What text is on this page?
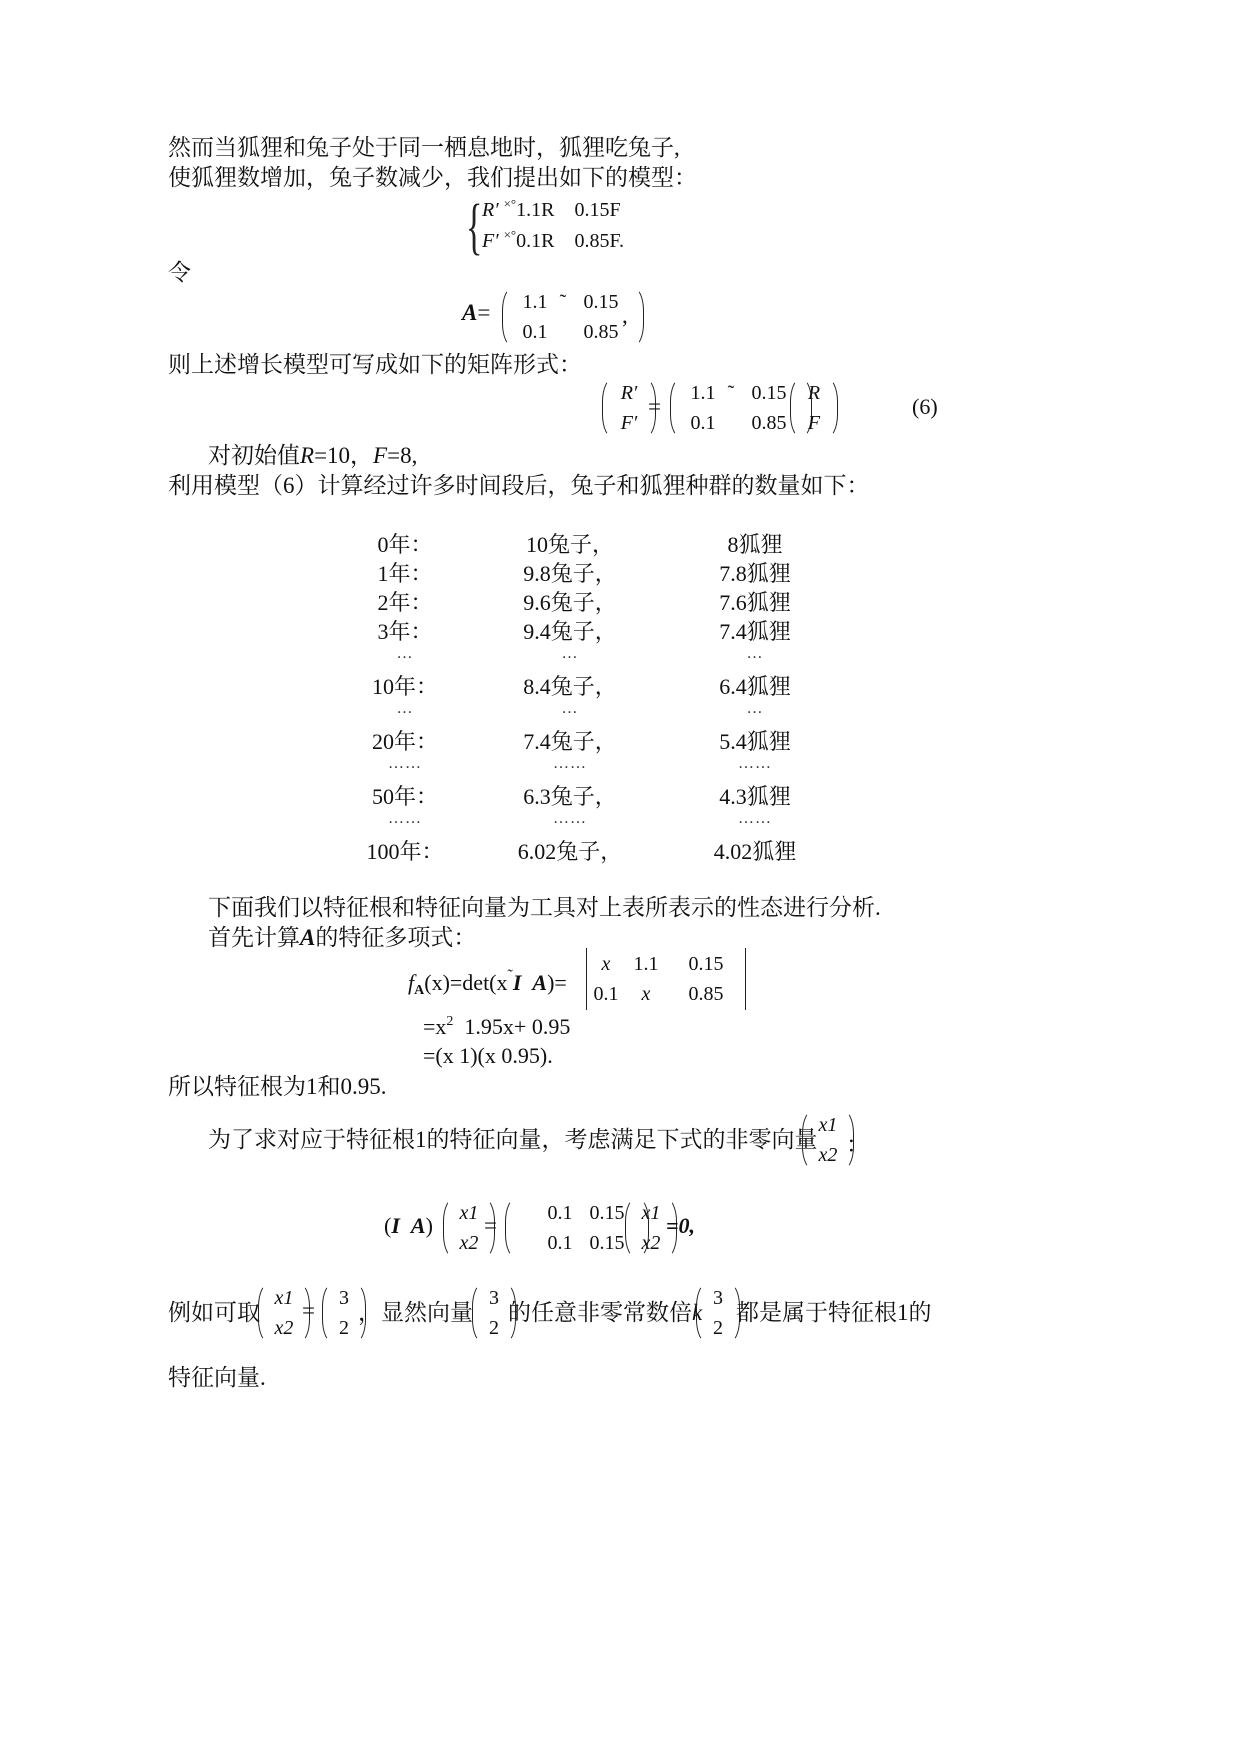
然而当狐狸和兔子处于同一栖息地时，狐狸吃兔子,
使狐狸数增加，兔子数减少，我们提出如下的模型：
{ R′ ×°1.1R 0.15F
F′ ×°0.1R 0.85F.
令
A= 1.1 ˜ 0.15
0.1	0.85
,
则上述增长模型可写成如下的矩阵形式：
R′
F′
=
1.1 ˜ 0.15
0.1	0.85
R
F
(6)
对初始值R=10，F=8,
利用模型（6）计算经过许多时间段后，兔子和狐狸种群的数量如下：
0年：	10兔子，	8狐狸
1年：	9.8兔子，	7.8狐狸
2年：	9.6兔子，	7.6狐狸
3年：	9.4兔子，	7.4狐狸
…	…	…
10年：	8.4兔子，	6.4狐狸
…	…	…
20年：	7.4兔子，	5.4狐狸
……	……	……
50年：	6.3兔子，	4.3狐狸
……	……	……
100年：	6.02兔子，	4.02狐狸
下面我们以特征根和特征向量为工具对上表所表示的性态进行分析.
首先计算A的特征多项式：
$f_A(x)=\det(x^˜I$ A)=
x	1.1	0.15
0.1	x	0.85
$=x^2$ 1.95x+ 0.95
=(x 1)(x 0.95).
所以特征根为1和0.95.
为了求对应于特征根1的特征向量，考虑满足下式的非零向量
x1
x2 ：
(I A) x1
x2
=	0.1 0.15
0.1 0.15
x1
x2
=0,
例如可取
x1
x2
= 3
2
，显然向量
3
2
的任意非零常数倍k
3
2
都是属于特征根1的
特征向量.
